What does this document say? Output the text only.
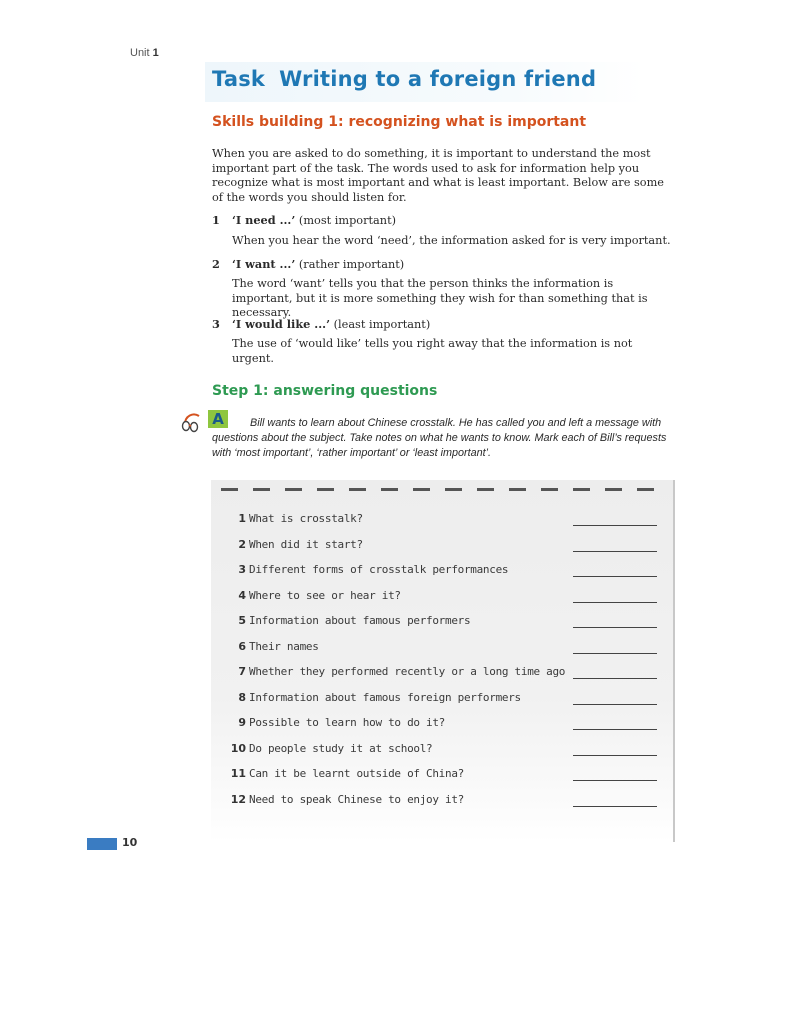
Unit 1
Task Writing to a foreign friend
Skills building 1: recognizing what is important

When you are asked to do something, it is important to understand the most important part of the task. The words used to ask for information help you recognize what is most important and what is least important. Below are some of the words you should listen for.

1 ‘I need ...’ (most important)
When you hear the word ‘need’, the information asked for is very important.
2 ‘I want ...’ (rather important)
The word ‘want’ tells you that the person thinks the information is important, but it is more something they wish for than something that is necessary.
3 ‘I would like ...’ (least important)
The use of ‘would like’ tells you right away that the information is not urgent.
Step 1: answering questions
A	Bill wants to learn about Chinese crosstalk. He has called you and left a message with questions about the subject. Take notes on what he wants to know. Mark each of Bill’s requests with ‘most important’, ‘rather important’ or ‘least important’.

1 What is crosstalk?
2 When did it start?
3 Different forms of crosstalk performances
4 Where to see or hear it?
5 Information about famous performers
6 Their names
7 Whether they performed recently or a long time ago
8 Information about famous foreign performers
9 Possible to learn how to do it?
10 Do people study it at school?
11 Can it be learnt outside of China?
12 Need to speak Chinese to enjoy it?
10
